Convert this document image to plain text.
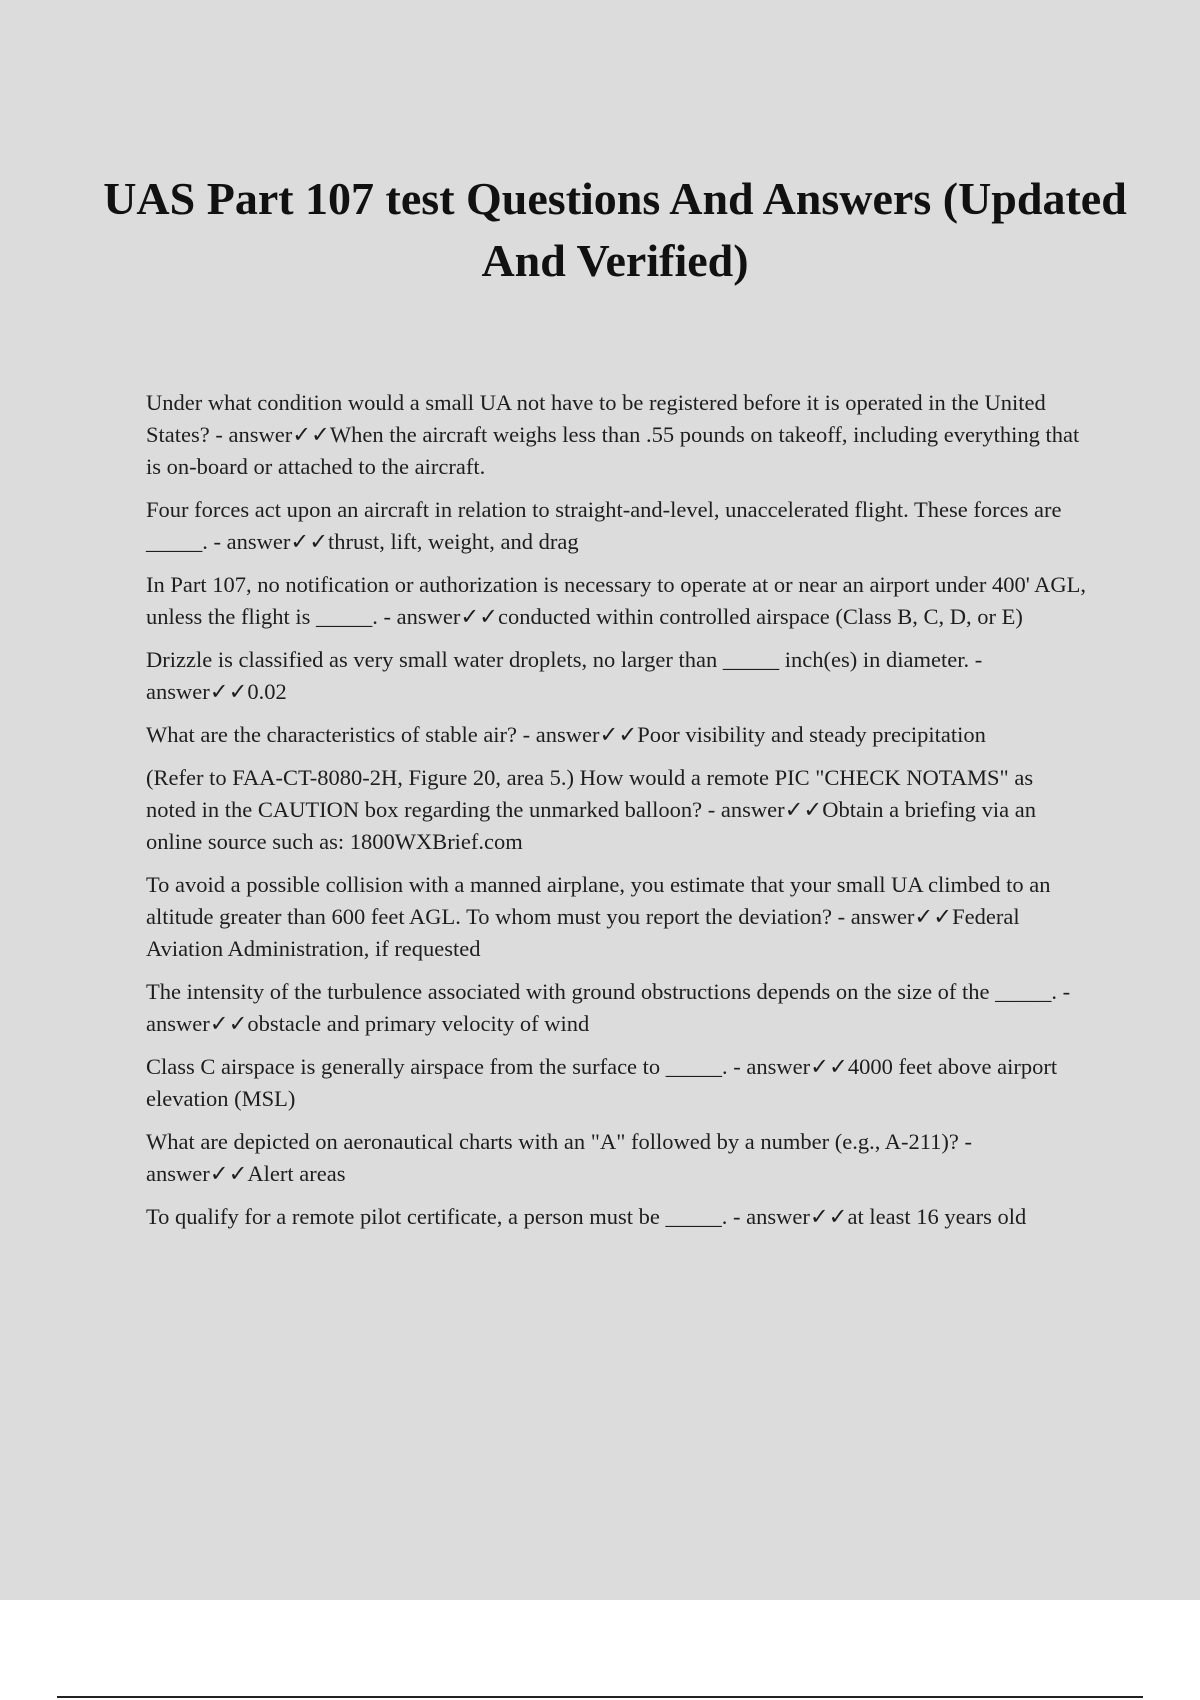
UAS Part 107 test Questions And Answers (Updated And Verified)

Under what condition would a small UA not have to be registered before it is operated in the United States? - answer✓✓When the aircraft weighs less than .55 pounds on takeoff, including everything that is on-board or attached to the aircraft.

Four forces act upon an aircraft in relation to straight-and-level, unaccelerated flight. These forces are _____. - answer✓✓thrust, lift, weight, and drag

In Part 107, no notification or authorization is necessary to operate at or near an airport under 400' AGL, unless the flight is _____. - answer✓✓conducted within controlled airspace (Class B, C, D, or E)

Drizzle is classified as very small water droplets, no larger than _____ inch(es) in diameter. - answer✓✓0.02

What are the characteristics of stable air? - answer✓✓Poor visibility and steady precipitation

(Refer to FAA-CT-8080-2H, Figure 20, area 5.) How would a remote PIC "CHECK NOTAMS" as noted in the CAUTION box regarding the unmarked balloon? - answer✓✓Obtain a briefing via an online source such as: 1800WXBrief.com

To avoid a possible collision with a manned airplane, you estimate that your small UA climbed to an altitude greater than 600 feet AGL. To whom must you report the deviation? - answer✓✓Federal Aviation Administration, if requested

The intensity of the turbulence associated with ground obstructions depends on the size of the _____. - answer✓✓obstacle and primary velocity of wind

Class C airspace is generally airspace from the surface to _____. - answer✓✓4000 feet above airport elevation (MSL)

What are depicted on aeronautical charts with an "A" followed by a number (e.g., A-211)? - answer✓✓Alert areas

To qualify for a remote pilot certificate, a person must be _____. - answer✓✓at least 16 years old
